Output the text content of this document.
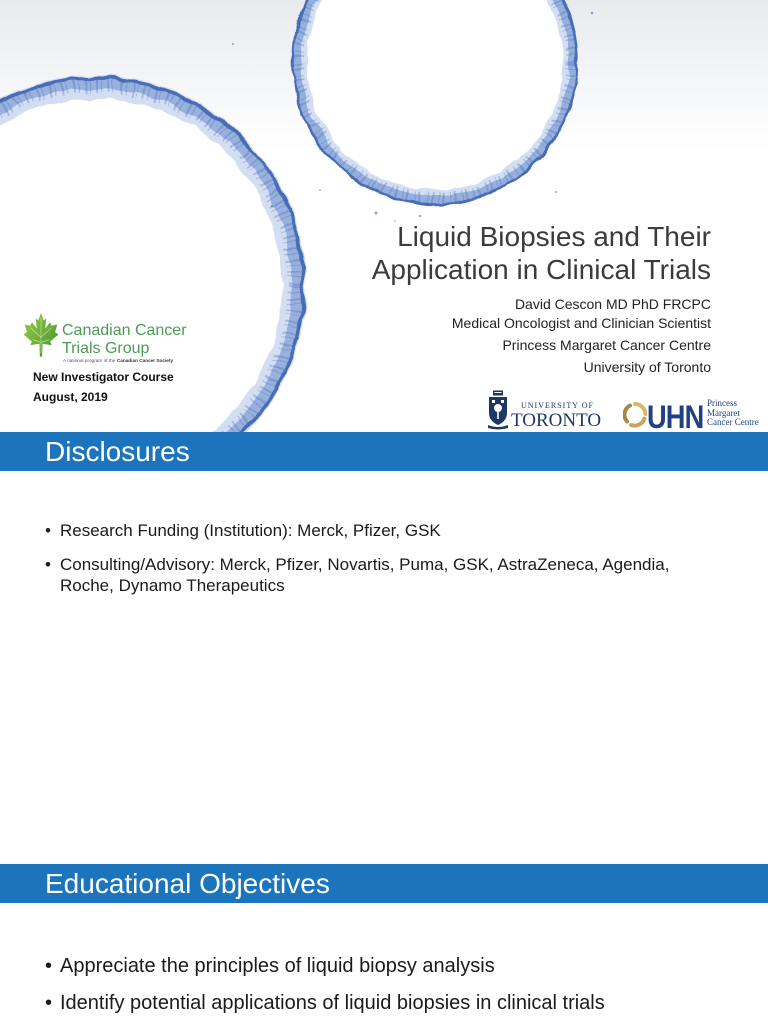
Liquid Biopsies and Their
Application in Clinical Trials
David Cescon MD PhD FRCPC
Medical Oncologist and Clinician Scientist
Princess Margaret Cancer Centre
University of Toronto
Canadian Cancer
Trials Group
A national program of the Canadian Cancer Society
New Investigator Course
August, 2019
UNIVERSITY OF
TORONTO UHN Princess
Margaret
Cancer Centre
Disclosures
•
Research Funding (Institution): Merck, Pfizer, GSK
•
Consulting/Advisory: Merck, Pfizer, Novartis, Puma, GSK, AstraZeneca, Agendia, Roche, Dynamo Therapeutics
Educational Objectives
•
Appreciate the principles of liquid biopsy analysis
•
Identify potential applications of liquid biopsies in clinical trials
